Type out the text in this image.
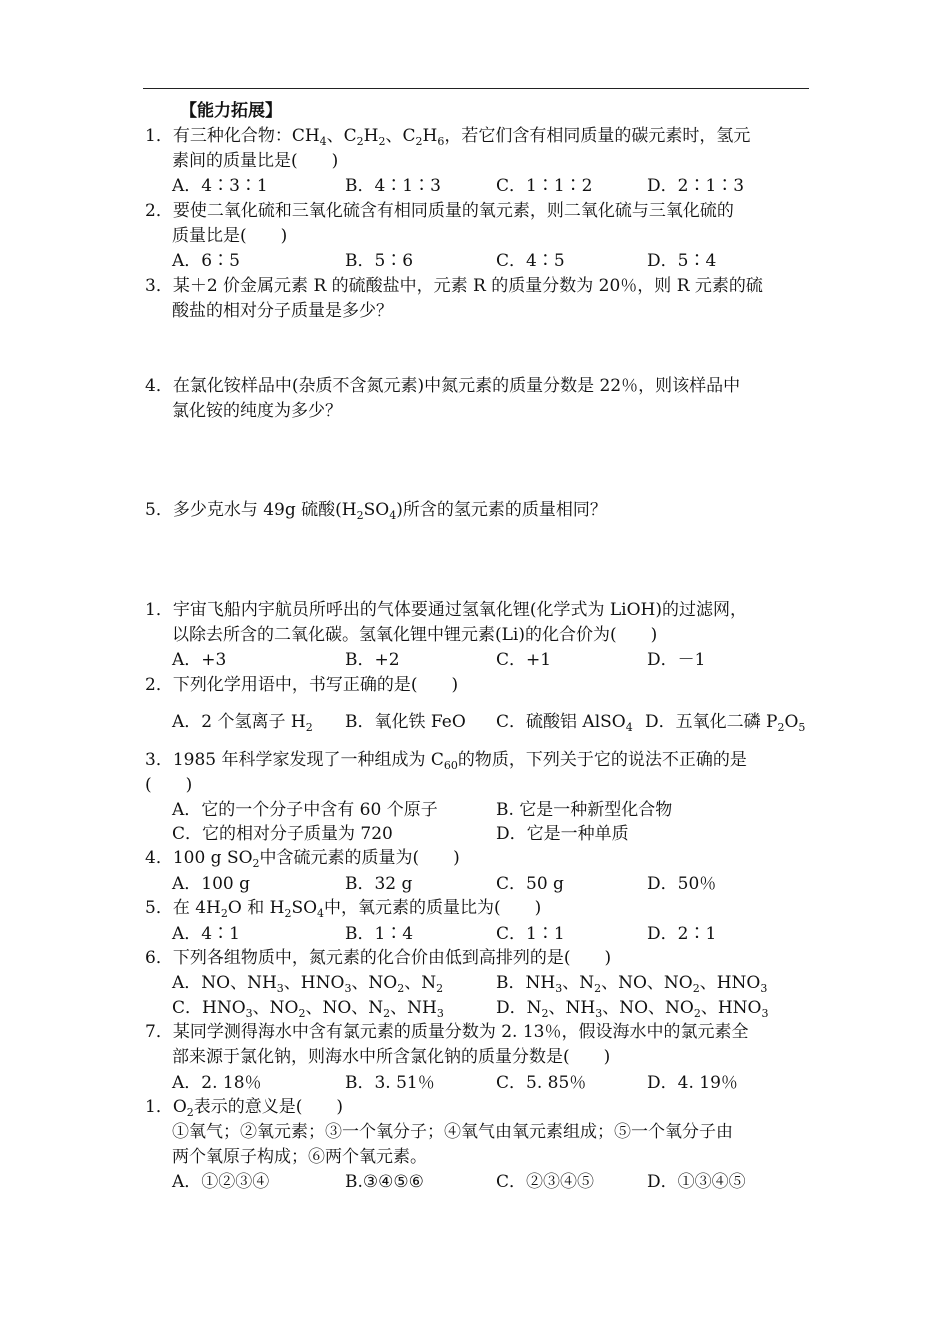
【能力拓展】
1．有三种化合物：$CH_4$、$C_2H_2$、$C_2H_6$，若它们含有相同质量的碳元素时，氢元
素间的质量比是(　　)
2．要使二氧化硫和三氧化硫含有相同质量的氧元素，则二氧化硫与三氧化硫的
质量比是(　　)
3．某＋2 价金属元素 R 的硫酸盐中，元素 R 的质量分数为 20％，则 R 元素的硫
酸盐的相对分子质量是多少？
4．在氯化铵样品中(杂质不含氮元素)中氮元素的质量分数是 22％，则该样品中
氯化铵的纯度为多少？
5．多少克水与 49g 硫酸$(H_2SO_4)$所含的氢元素的质量相同？
1．宇宙飞船内宇航员所呼出的气体要通过氢氧化锂(化学式为 LiOH)的过滤网，
以除去所含的二氧化碳。氢氧化锂中锂元素(Li)的化合价为(　　)
2．下列化学用语中，书写正确的是(　　)
3．1985 年科学家发现了一种组成为 $C_{60}$的物质，下列关于它的说法不正确的是
(　　)
4．100 g $SO_2$中含硫元素的质量为(　　)
5．在 $4H_2O$ 和 $H_2SO_4$中，氧元素的质量比为(　　)
6．下列各组物质中，氮元素的化合价由低到高排列的是(　　)
7．某同学测得海水中含有氯元素的质量分数为 2. 13％，假设海水中的氯元素全
部来源于氯化钠，则海水中所含氯化钠的质量分数是(　　)
1．$O_2$表示的意义是(　　)
①氧气；②氧元素；③一个氧分子；④氧气由氧元素组成；⑤一个氧分子由
两个氧原子构成；⑥两个氧元素。
A．4∶3∶1	B．4∶1∶3	C．1∶1∶2	D．2∶1∶3
A．6∶5	B．5∶6	C．4∶5	D．5∶4
A．+3	B．+2	C．+1	D．－1
A．2 个氢离子 $H_2$ B．氧化铁 FeO C．硫酸铝 AlSO$_4$ D．五氧化二磷 $P_2O_5$
A．它的一个分子中含有 60 个原子	B. 它是一种新型化合物
C．它的相对分子质量为 720	D．它是一种单质
A．100 g	B．32 g	C．50 g	D．50％
A．4∶1	B．1∶4	C．1∶1	D．2∶1
A．NO、$NH_3$、$HNO_3$、$NO_2$、$N_2$	B．$NH_3$、$N_2$、NO、$NO_2$、$HNO_3$
C．$HNO_3$、$NO_2$、NO、$N_2$、$NH_3$	D．$N_2$、$NH_3$、NO、$NO_2$、$HNO_3$
A．2. 18％	B．3. 51％	C．5. 85％	D．4. 19％
A．①②③④	B.③④⑤⑥	C．②③④⑤	D．①③④⑤
